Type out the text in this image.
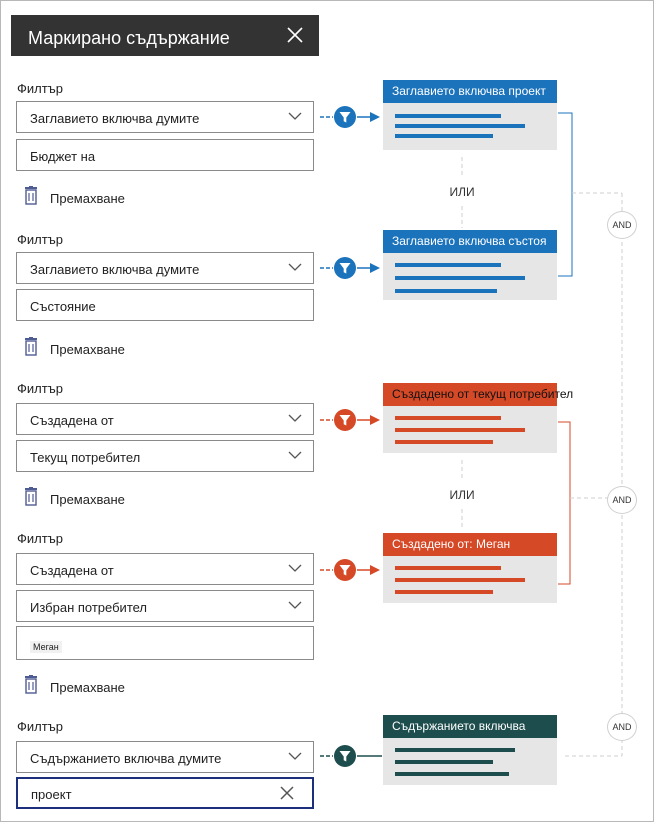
Маркирано съдържание
ИЛИ
ИЛИ
AND
AND
AND
Филтър
Заглавието включва думите
Бюджет на
Премахване
Филтър
Заглавието включва думите
Състояние
Премахване
Филтър
Създадена от
Текущ потребител
Премахване
Филтър
Създадена от
Избран потребител
Меган
Премахване
Филтър
Съдържанието включва думите
проект
Заглавието включва проект
Заглавието включва състоя
Създадено от текущ потребител
Създадено от: Меган
Съдържанието включва
